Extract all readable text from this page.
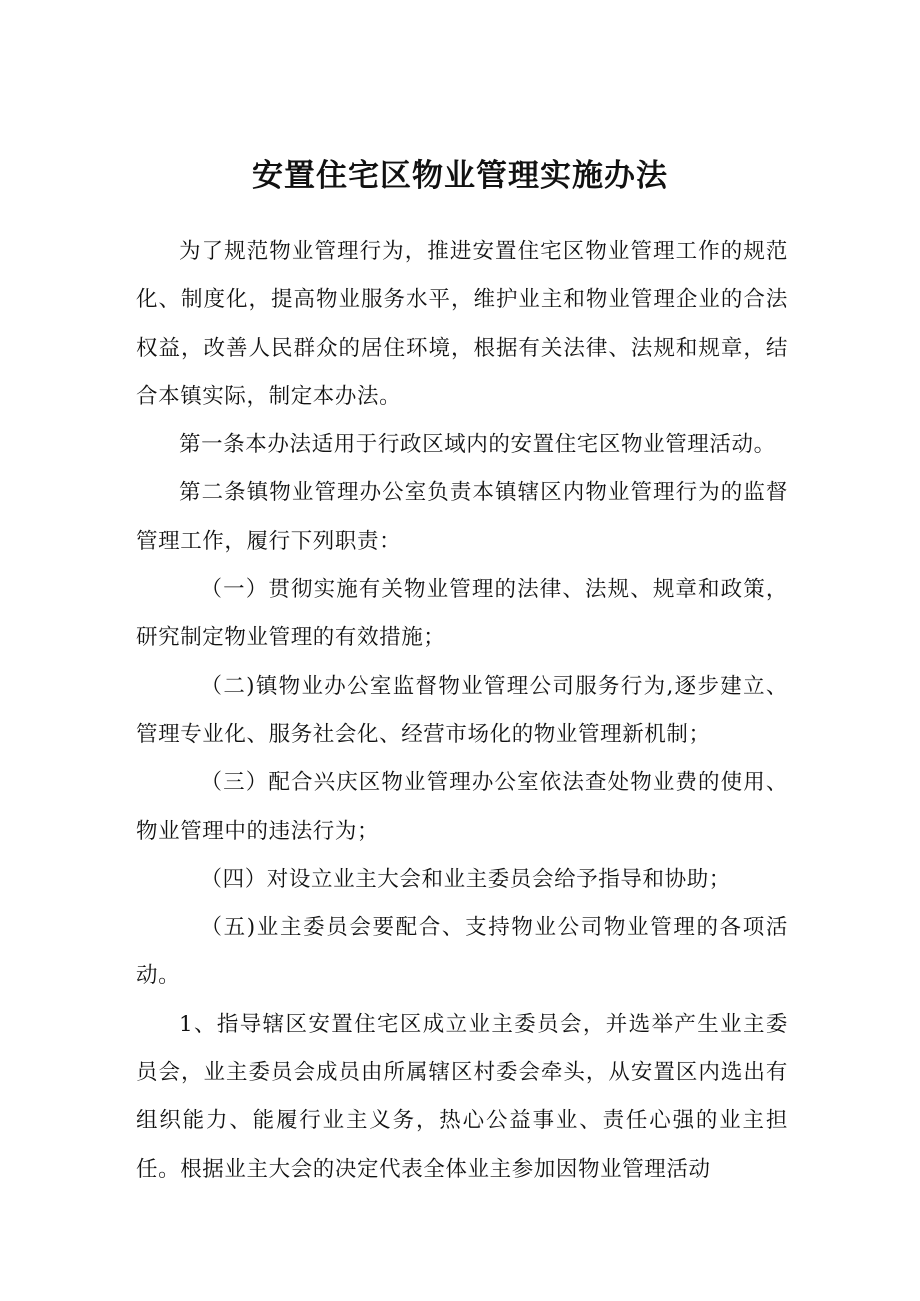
安置住宅区物业管理实施办法

为了规范物业管理行为，推进安置住宅区物业管理工作的规范化、制度化，提高物业服务水平，维护业主和物业管理企业的合法权益，改善人民群众的居住环境，根据有关法律、法规和规章，结合本镇实际，制定本办法。

第一条本办法适用于行政区域内的安置住宅区物业管理活动。

第二条镇物业管理办公室负责本镇辖区内物业管理行为的监督管理工作，履行下列职责：

（一）贯彻实施有关物业管理的法律、法规、规章和政策，研究制定物业管理的有效措施；

（二)镇物业办公室监督物业管理公司服务行为,逐步建立、管理专业化、服务社会化、经营市场化的物业管理新机制；

（三）配合兴庆区物业管理办公室依法查处物业费的使用、物业管理中的违法行为；

（四）对设立业主大会和业主委员会给予指导和协助；

（五)业主委员会要配合、支持物业公司物业管理的各项活动。

1、指导辖区安置住宅区成立业主委员会，并选举产生业主委员会，业主委员会成员由所属辖区村委会牵头，从安置区内选出有组织能力、能履行业主义务，热心公益事业、责任心强的业主担任。根据业主大会的决定代表全体业主参加因物业管理活动
